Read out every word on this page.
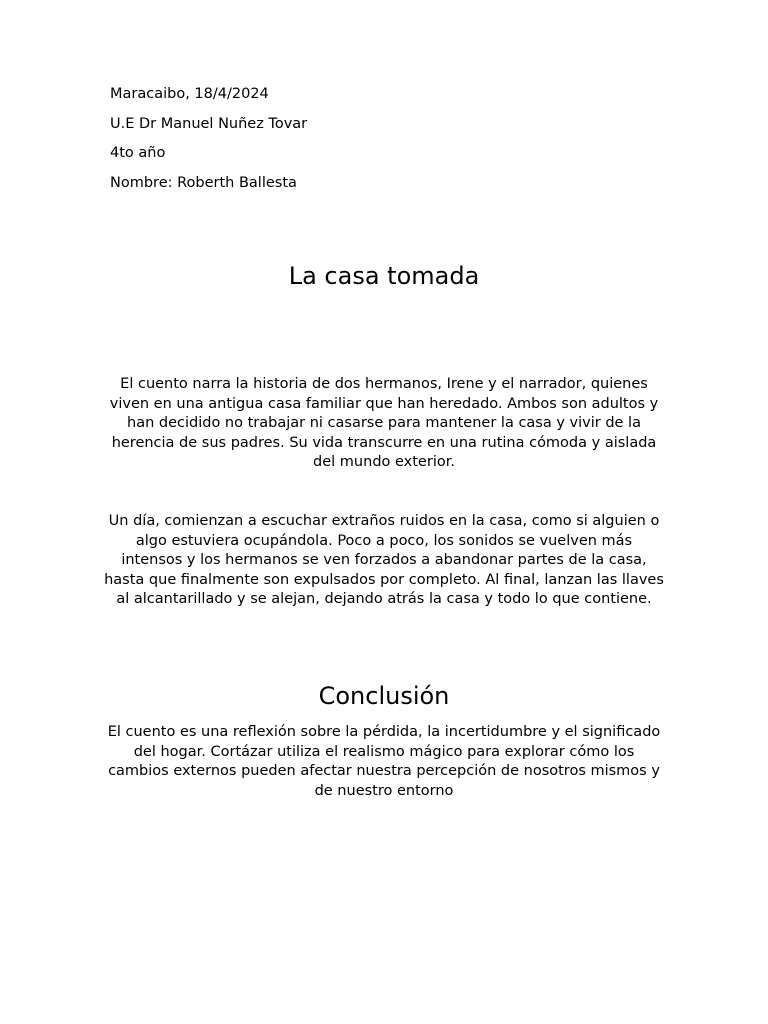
Maracaibo, 18/4/2024
U.E Dr Manuel Nuñez Tovar
4to año
Nombre: Roberth Ballesta
La casa tomada
El cuento narra la historia de dos hermanos, Irene y el narrador, quienes viven en una antigua casa familiar que han heredado. Ambos son adultos y han decidido no trabajar ni casarse para mantener la casa y vivir de la herencia de sus padres. Su vida transcurre en una rutina cómoda y aislada del mundo exterior.
Un día, comienzan a escuchar extraños ruidos en la casa, como si alguien o algo estuviera ocupándola. Poco a poco, los sonidos se vuelven más intensos y los hermanos se ven forzados a abandonar partes de la casa, hasta que finalmente son expulsados por completo. Al final, lanzan las llaves al alcantarillado y se alejan, dejando atrás la casa y todo lo que contiene.
Conclusión
El cuento es una reflexión sobre la pérdida, la incertidumbre y el significado del hogar. Cortázar utiliza el realismo mágico para explorar cómo los cambios externos pueden afectar nuestra percepción de nosotros mismos y de nuestro entorno
